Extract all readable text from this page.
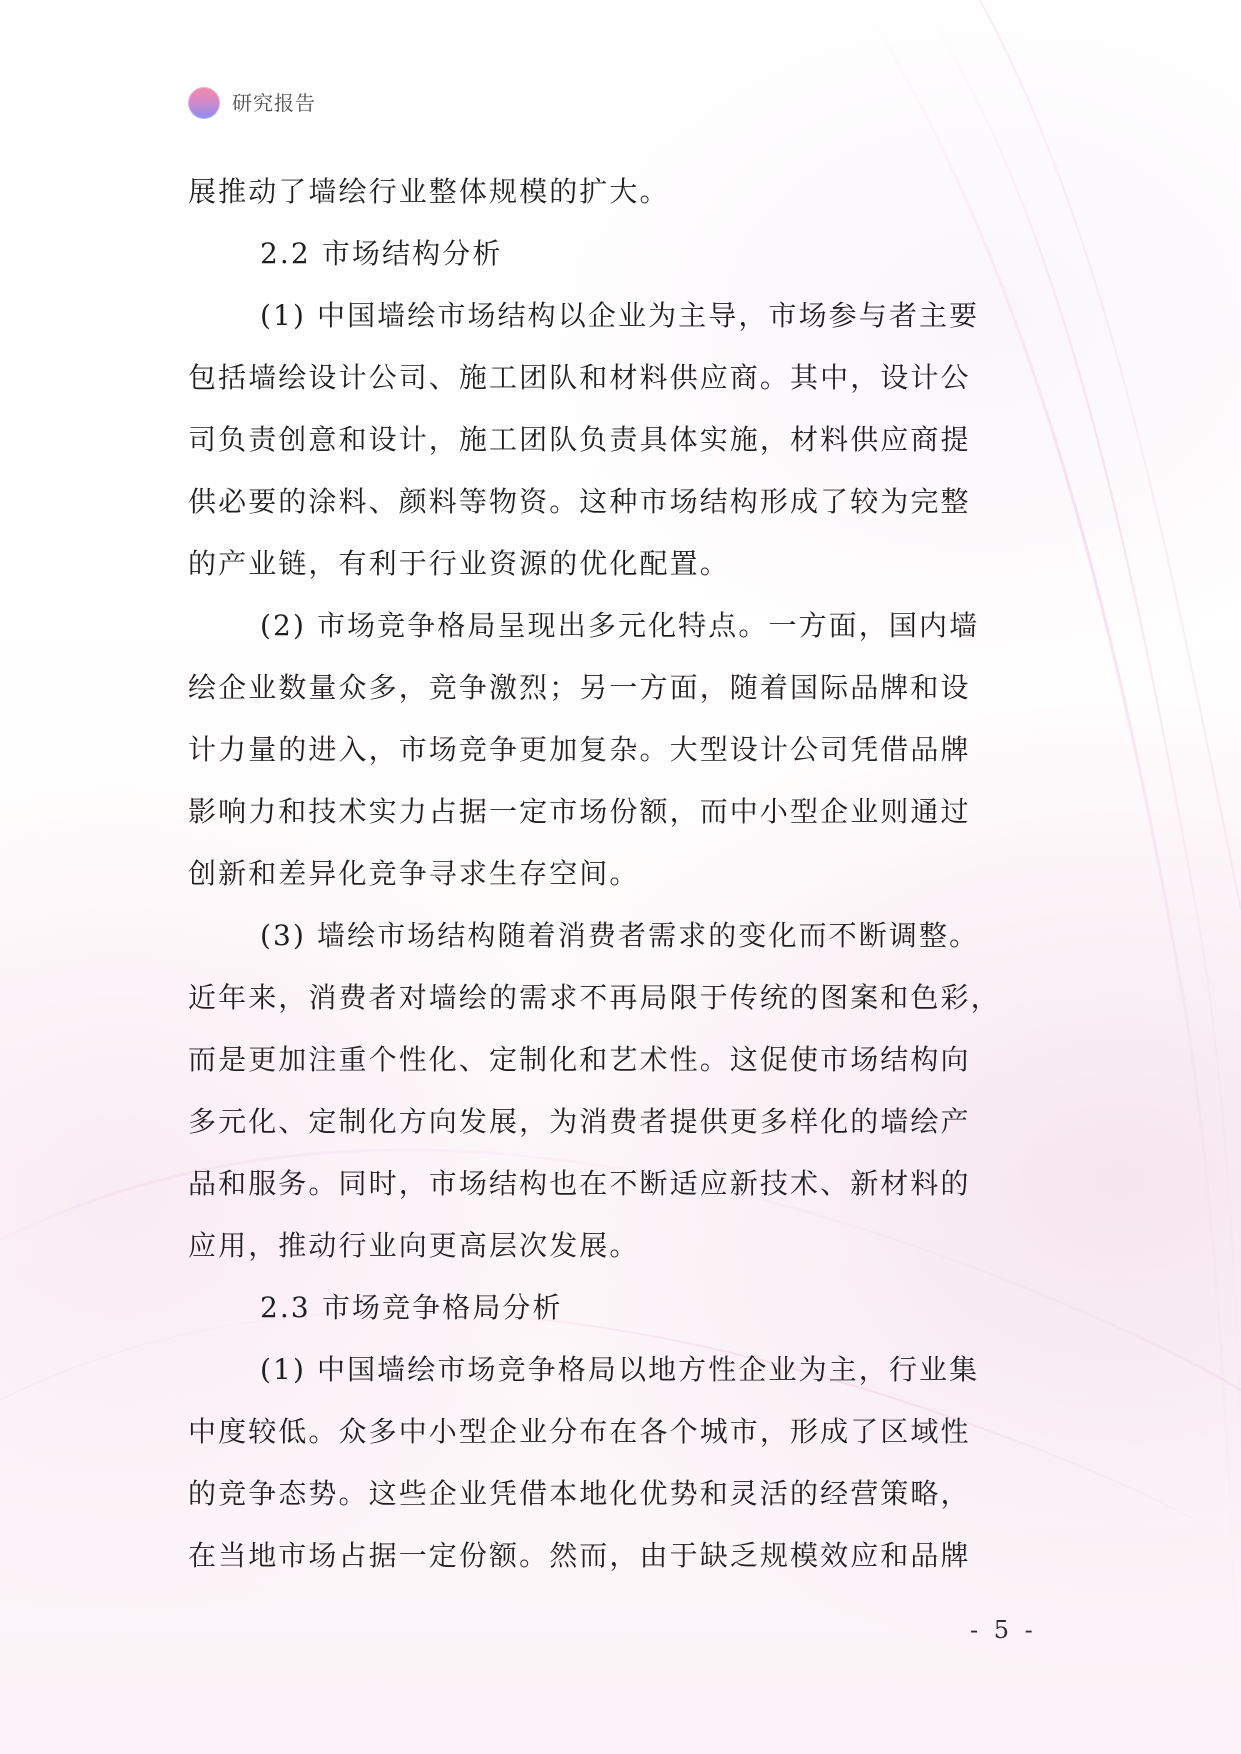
研究报告
展推动了墙绘行业整体规模的扩大。
2.2 市场结构分析
(1) 中国墙绘市场结构以企业为主导，市场参与者主要
包括墙绘设计公司、施工团队和材料供应商。其中，设计公
司负责创意和设计，施工团队负责具体实施，材料供应商提
供必要的涂料、颜料等物资。这种市场结构形成了较为完整
的产业链，有利于行业资源的优化配置。
(2) 市场竞争格局呈现出多元化特点。一方面，国内墙
绘企业数量众多，竞争激烈；另一方面，随着国际品牌和设
计力量的进入，市场竞争更加复杂。大型设计公司凭借品牌
影响力和技术实力占据一定市场份额，而中小型企业则通过
创新和差异化竞争寻求生存空间。
(3) 墙绘市场结构随着消费者需求的变化而不断调整。
近年来，消费者对墙绘的需求不再局限于传统的图案和色彩，
而是更加注重个性化、定制化和艺术性。这促使市场结构向
多元化、定制化方向发展，为消费者提供更多样化的墙绘产
品和服务。同时，市场结构也在不断适应新技术、新材料的
应用，推动行业向更高层次发展。
2.3 市场竞争格局分析
(1) 中国墙绘市场竞争格局以地方性企业为主，行业集
中度较低。众多中小型企业分布在各个城市，形成了区域性
的竞争态势。这些企业凭借本地化优势和灵活的经营策略，
在当地市场占据一定份额。然而，由于缺乏规模效应和品牌
- 5 -
